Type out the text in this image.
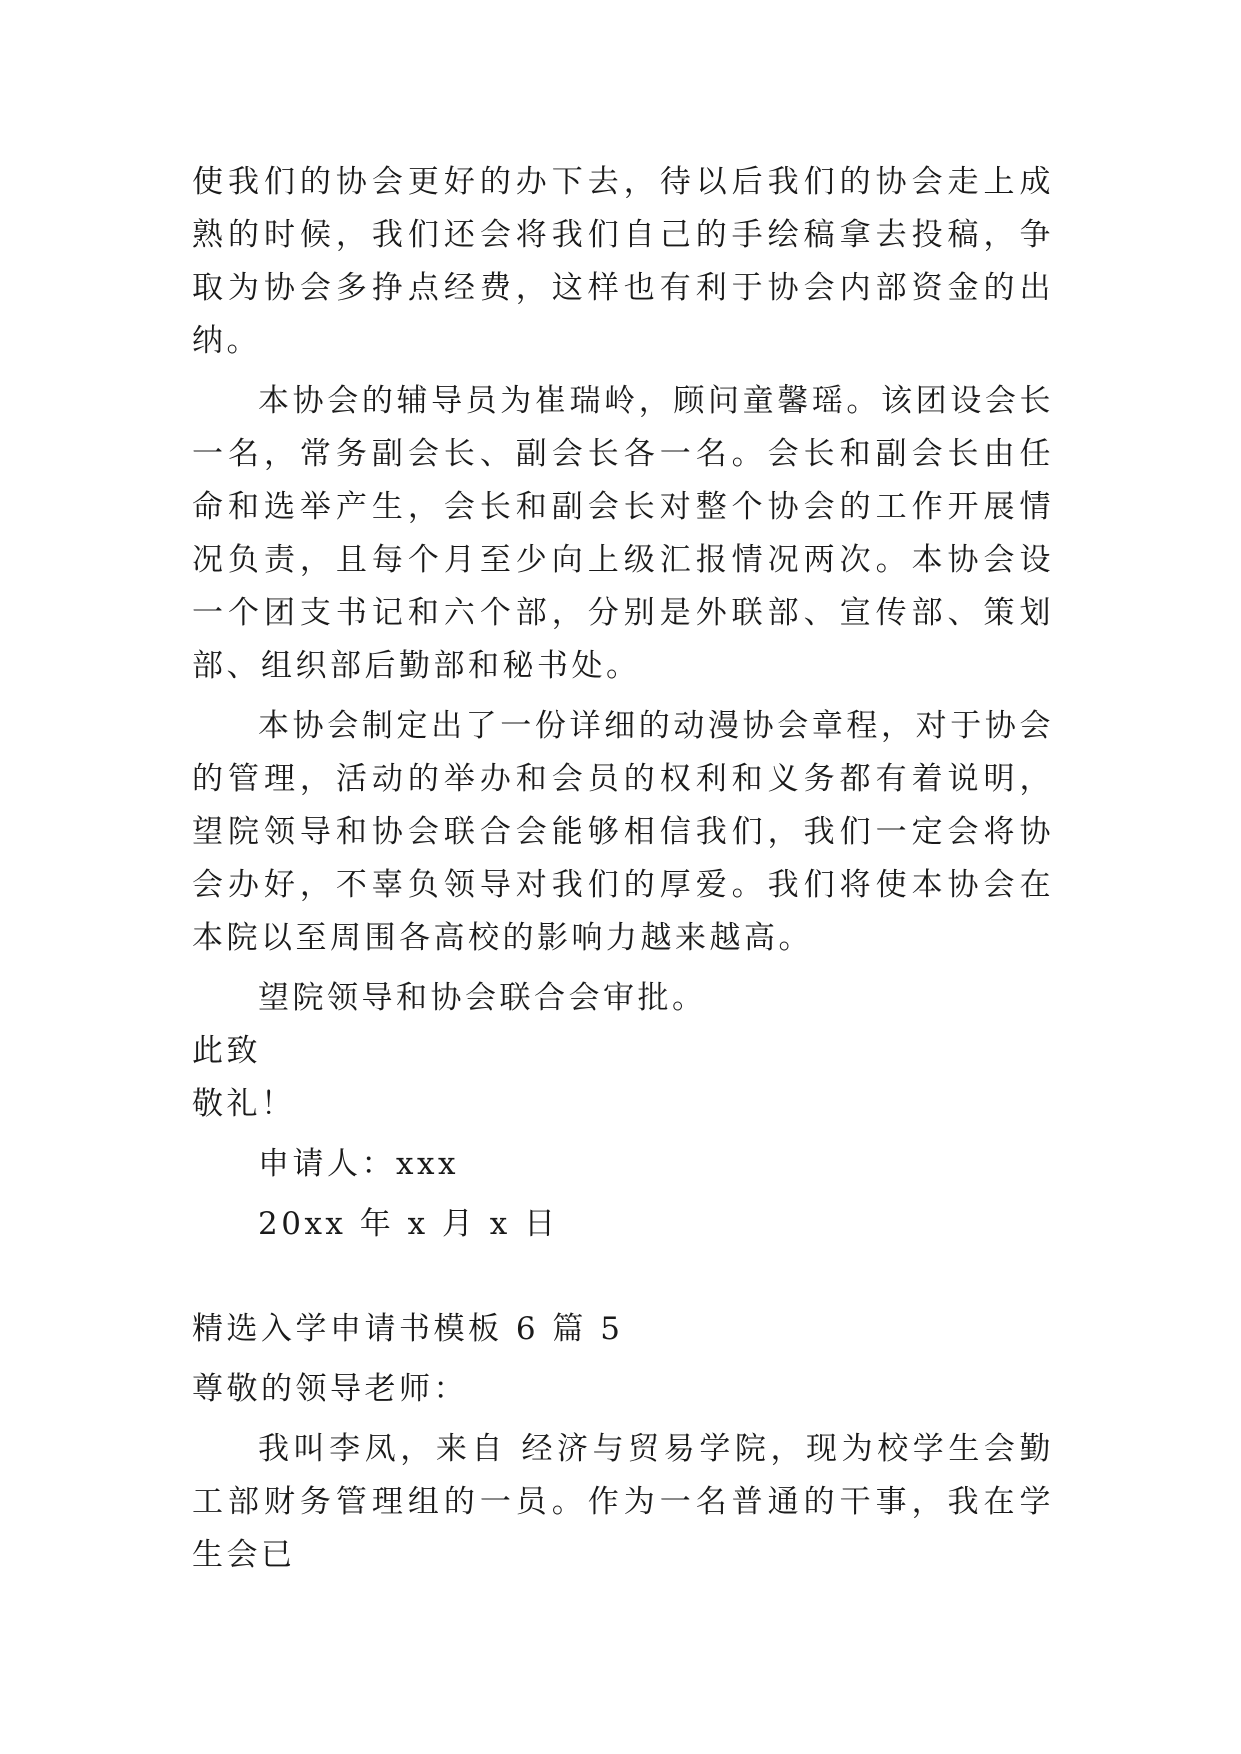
使我们的协会更好的办下去，待以后我们的协会走上成熟的时候，我们还会将我们自己的手绘稿拿去投稿，争取为协会多挣点经费，这样也有利于协会内部资金的出纳。

本协会的辅导员为崔瑞岭，顾问童馨瑶。该团设会长一名，常务副会长、副会长各一名。会长和副会长由任命和选举产生，会长和副会长对整个协会的工作开展情况负责，且每个月至少向上级汇报情况两次。本协会设一个团支书记和六个部，分别是外联部、宣传部、策划部、组织部后勤部和秘书处。

本协会制定出了一份详细的动漫协会章程，对于协会的管理，活动的举办和会员的权利和义务都有着说明，望院领导和协会联合会能够相信我们，我们一定会将协会办好，不辜负领导对我们的厚爱。我们将使本协会在本院以至周围各高校的影响力越来越高。

望院领导和协会联合会审批。

此致

敬礼！

申请人：xxx

20xx 年 x 月 x 日

精选入学申请书模板 6 篇 5

尊敬的领导老师：

我叫李凤，来自 经济与贸易学院，现为校学生会勤工部财务管理组的一员。作为一名普通的干事，我在学生会已
